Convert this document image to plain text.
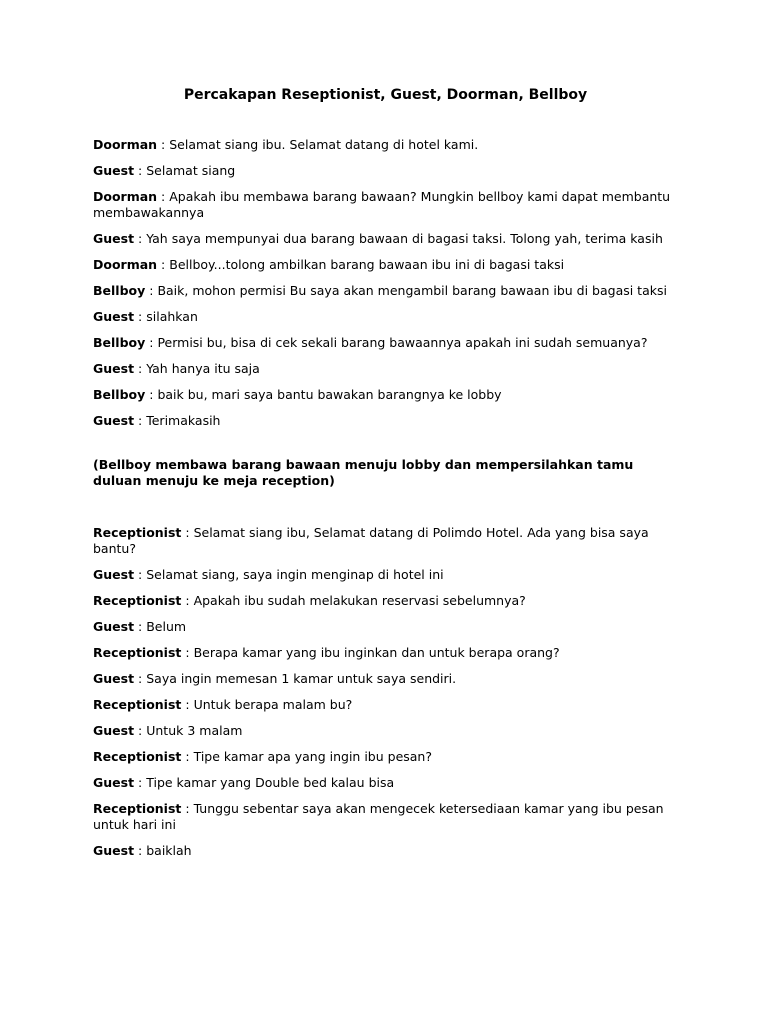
Percakapan Reseptionist, Guest, Doorman, Bellboy
Doorman : Selamat siang ibu. Selamat datang di hotel kami.
Guest : Selamat siang
Doorman : Apakah ibu membawa barang bawaan? Mungkin bellboy kami dapat membantu membawakannya
Guest : Yah saya mempunyai dua barang bawaan di bagasi taksi. Tolong yah, terima kasih
Doorman : Bellboy...tolong ambilkan barang bawaan ibu ini di bagasi taksi
Bellboy : Baik, mohon permisi Bu saya akan mengambil barang bawaan ibu di bagasi taksi
Guest : silahkan
Bellboy : Permisi bu, bisa di cek sekali barang bawaannya apakah ini sudah semuanya?
Guest : Yah hanya itu saja
Bellboy : baik bu, mari saya bantu bawakan barangnya ke lobby
Guest : Terimakasih
(Bellboy membawa barang bawaan menuju lobby dan mempersilahkan tamu duluan menuju ke meja reception)
Receptionist : Selamat siang ibu, Selamat datang di Polimdo Hotel. Ada yang bisa saya bantu?
Guest : Selamat siang, saya ingin menginap di hotel ini
Receptionist : Apakah ibu sudah melakukan reservasi sebelumnya?
Guest : Belum
Receptionist : Berapa kamar yang ibu inginkan dan untuk berapa orang?
Guest : Saya ingin memesan 1 kamar untuk saya sendiri.
Receptionist : Untuk berapa malam bu?
Guest : Untuk 3 malam
Receptionist : Tipe kamar apa yang ingin ibu pesan?
Guest : Tipe kamar yang Double bed kalau bisa
Receptionist : Tunggu sebentar saya akan mengecek ketersediaan kamar yang ibu pesan untuk hari ini
Guest : baiklah
